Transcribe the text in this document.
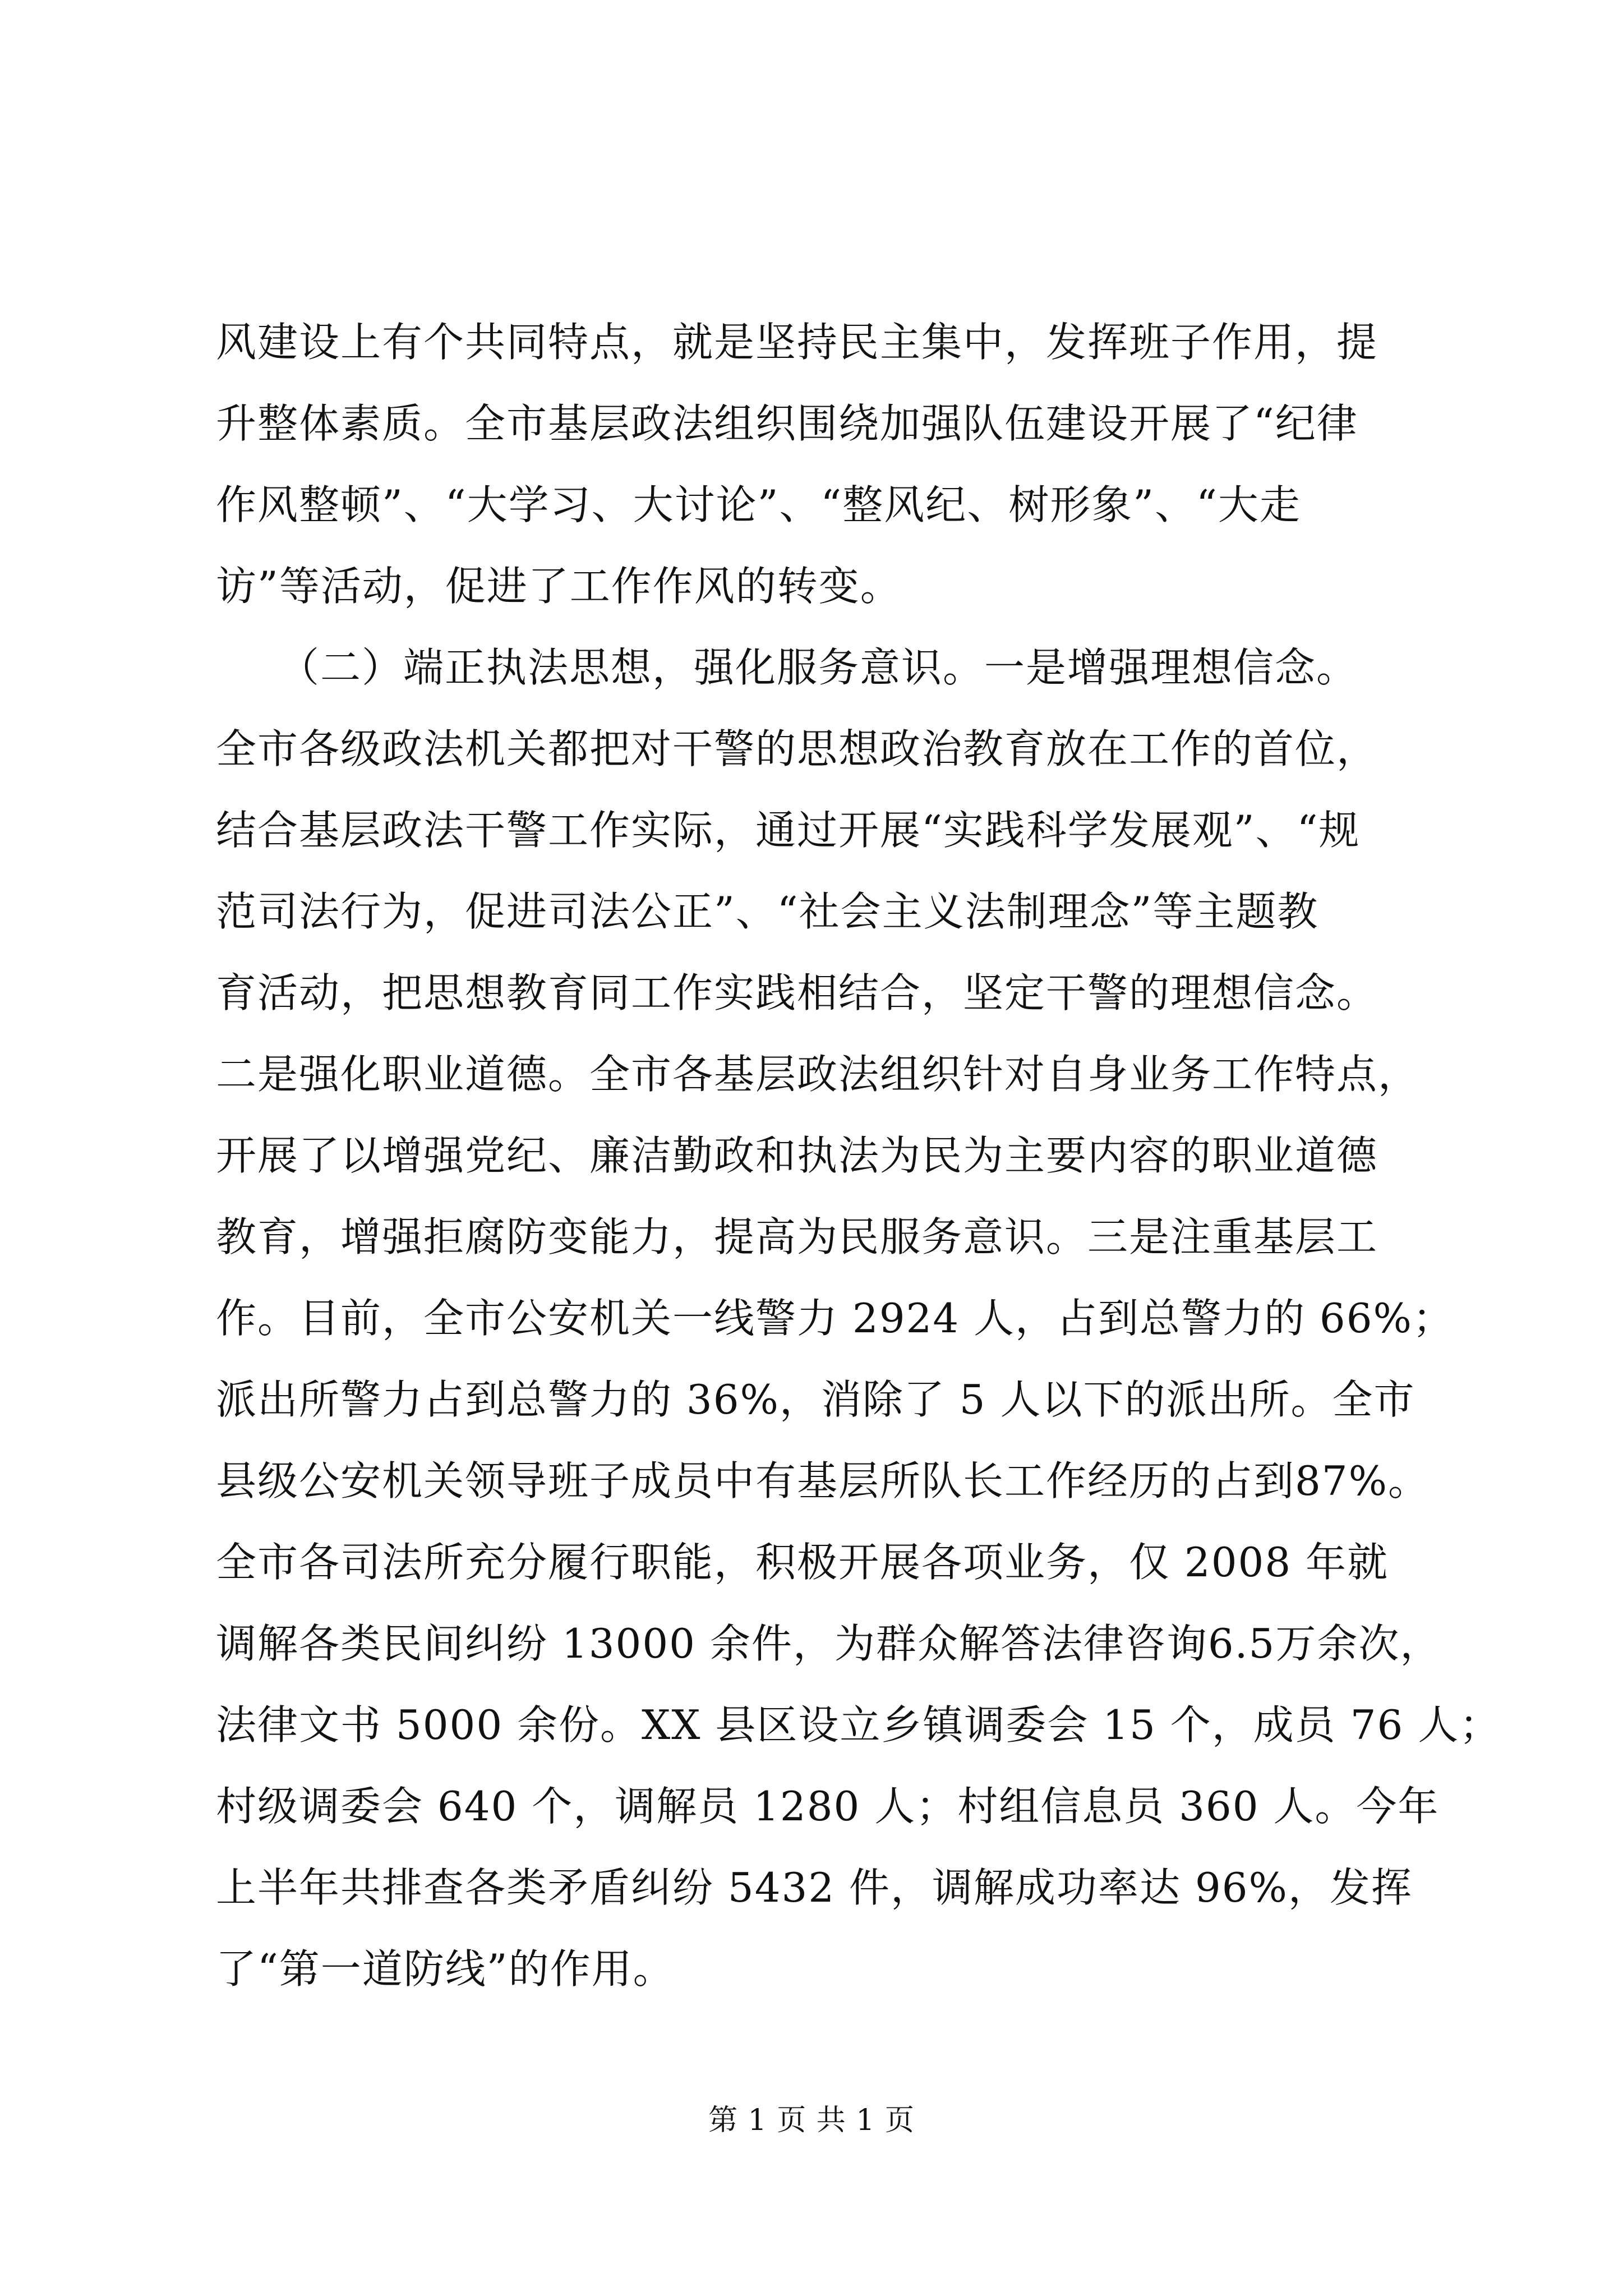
风建设上有个共同特点，就是坚持民主集中，发挥班子作用，提
升整体素质。全市基层政法组织围绕加强队伍建设开展了“纪律
作风整顿”、“大学习、大讨论”、“整风纪、树形象”、“大走
访”等活动，促进了工作作风的转变。
　　（二）端正执法思想，强化服务意识。一是增强理想信念。
全市各级政法机关都把对干警的思想政治教育放在工作的首位，
结合基层政法干警工作实际，通过开展“实践科学发展观”、“规
范司法行为，促进司法公正”、“社会主义法制理念”等主题教
育活动，把思想教育同工作实践相结合，坚定干警的理想信念。
二是强化职业道德。全市各基层政法组织针对自身业务工作特点，
开展了以增强党纪、廉洁勤政和执法为民为主要内容的职业道德
教育，增强拒腐防变能力，提高为民服务意识。三是注重基层工
作。目前，全市公安机关一线警力 2924 人，占到总警力的 66%；
派出所警力占到总警力的 36%，消除了 5 人以下的派出所。全市
县级公安机关领导班子成员中有基层所队长工作经历的占到87%。
全市各司法所充分履行职能，积极开展各项业务，仅 2008 年就
调解各类民间纠纷 13000 余件，为群众解答法律咨询6.5万余次，
法律文书 5000 余份。XX 县区设立乡镇调委会 15 个，成员 76 人；
村级调委会 640 个，调解员 1280 人；村组信息员 360 人。今年
上半年共排查各类矛盾纠纷 5432 件，调解成功率达 96%，发挥
了“第一道防线”的作用。
第 1 页 共 1 页
